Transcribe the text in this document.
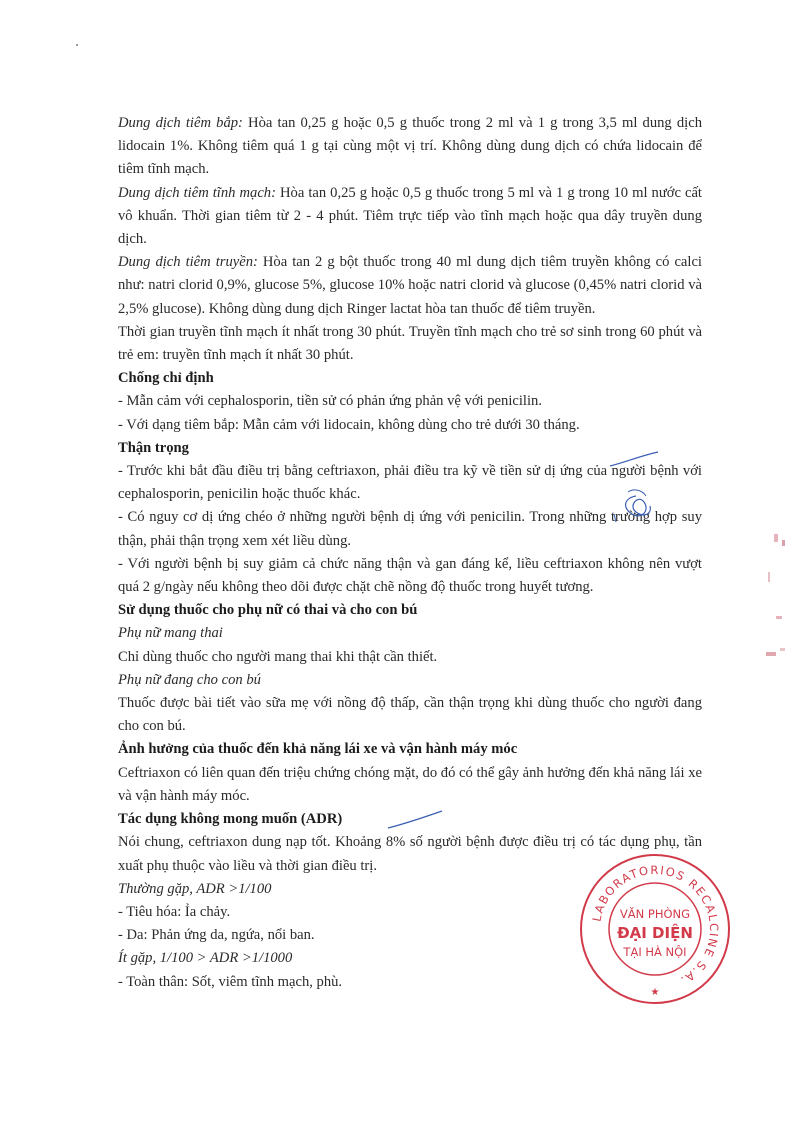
Dung dịch tiêm bắp: Hòa tan 0,25 g hoặc 0,5 g thuốc trong 2 ml và 1 g trong 3,5 ml dung dịch lidocain 1%. Không tiêm quá 1 g tại cùng một vị trí. Không dùng dung dịch có chứa lidocain để tiêm tĩnh mạch.

Dung dịch tiêm tĩnh mạch: Hòa tan 0,25 g hoặc 0,5 g thuốc trong 5 ml và 1 g trong 10 ml nước cất vô khuẩn. Thời gian tiêm từ 2 - 4 phút. Tiêm trực tiếp vào tĩnh mạch hoặc qua dây truyền dung dịch.

Dung dịch tiêm truyền: Hòa tan 2 g bột thuốc trong 40 ml dung dịch tiêm truyền không có calci như: natri clorid 0,9%, glucose 5%, glucose 10% hoặc natri clorid và glucose (0,45% natri clorid và 2,5% glucose). Không dùng dung dịch Ringer lactat hòa tan thuốc để tiêm truyền.

Thời gian truyền tĩnh mạch ít nhất trong 30 phút. Truyền tĩnh mạch cho trẻ sơ sinh trong 60 phút và trẻ em: truyền tĩnh mạch ít nhất 30 phút.

Chống chỉ định

- Mẫn cảm với cephalosporin, tiền sử có phản ứng phản vệ với penicilin.

- Với dạng tiêm bắp: Mẫn cảm với lidocain, không dùng cho trẻ dưới 30 tháng.

Thận trọng

- Trước khi bắt đầu điều trị bằng ceftriaxon, phải điều tra kỹ về tiền sử dị ứng của người bệnh với cephalosporin, penicilin hoặc thuốc khác.

- Có nguy cơ dị ứng chéo ở những người bệnh dị ứng với penicilin. Trong những trường hợp suy thận, phải thận trọng xem xét liều dùng.

- Với người bệnh bị suy giảm cả chức năng thận và gan đáng kể, liều ceftriaxon không nên vượt quá 2 g/ngày nếu không theo dõi được chặt chẽ nồng độ thuốc trong huyết tương.

Sử dụng thuốc cho phụ nữ có thai và cho con bú

Phụ nữ mang thai

Chỉ dùng thuốc cho người mang thai khi thật cần thiết.

Phụ nữ đang cho con bú

Thuốc được bài tiết vào sữa mẹ với nồng độ thấp, cần thận trọng khi dùng thuốc cho người đang cho con bú.

Ảnh hưởng của thuốc đến khả năng lái xe và vận hành máy móc

Ceftriaxon có liên quan đến triệu chứng chóng mặt, do đó có thể gây ảnh hưởng đến khả năng lái xe và vận hành máy móc.

Tác dụng không mong muốn (ADR)

Nói chung, ceftriaxon dung nạp tốt. Khoảng 8% số người bệnh được điều trị có tác dụng phụ, tần xuất phụ thuộc vào liều và thời gian điều trị.

Thường gặp, ADR >1/100

- Tiêu hóa: Ỉa chảy.

- Da: Phản ứng da, ngứa, nổi ban.

Ít gặp, 1/100 > ADR >1/1000

- Toàn thân: Sốt, viêm tĩnh mạch, phù.

LABORATORIOS RECALCINE S.A.
VĂN PHÒNG
ĐẠI DIỆN
TẠI HÀ NỘI
★
